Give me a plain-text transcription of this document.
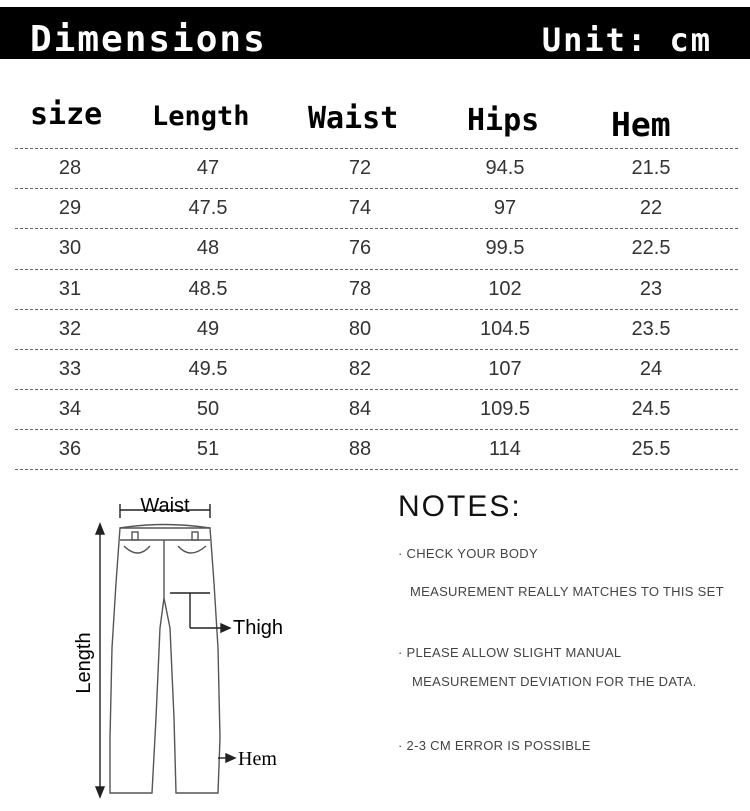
Dimensions	Unit: cm
size Length Waist Hips Hem
28	47	72	94.5	21.5
29	47.5	74	97	22
30	48	76	99.5	22.5
31	48.5	78	102	23
32	49	80	104.5	23.5
33	49.5	82	107	24
34	50	84	109.5	24.5
36	51	88	114	25.5
Waist
Length
Thigh
Hem
NOTES:
· CHECK YOUR BODY
MEASUREMENT REALLY MATCHES TO THIS SET
· PLEASE ALLOW SLIGHT MANUAL
MEASUREMENT DEVIATION FOR THE DATA.
· 2-3 CM ERROR IS POSSIBLE
